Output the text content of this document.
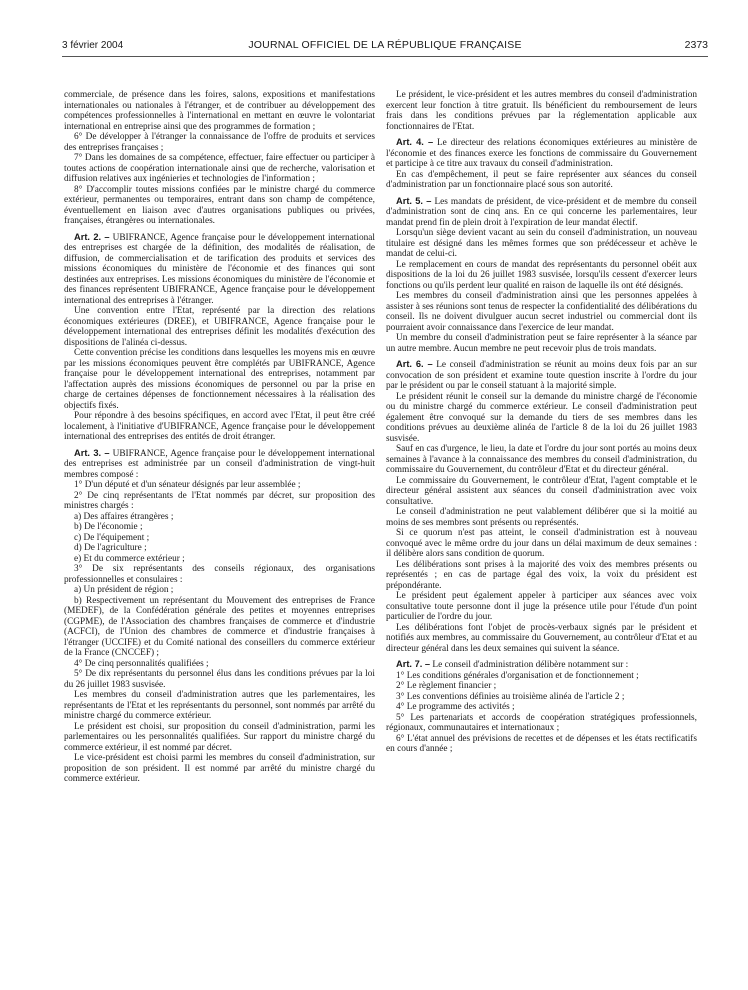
3 février 2004	JOURNAL OFFICIEL DE LA RÉPUBLIQUE FRANÇAISE	2373

commerciale, de présence dans les foires, salons, expositions et manifestations internationales ou nationales à l'étranger, et de contribuer au développement des compétences professionnelles à l'international en mettant en œuvre le volontariat international en entreprise ainsi que des programmes de formation ;

6° De développer à l'étranger la connaissance de l'offre de produits et services des entreprises françaises ;

7° Dans les domaines de sa compétence, effectuer, faire effectuer ou participer à toutes actions de coopération internationale ainsi que de recherche, valorisation et diffusion relatives aux ingénieries et technologies de l'information ;

8° D'accomplir toutes missions confiées par le ministre chargé du commerce extérieur, permanentes ou temporaires, entrant dans son champ de compétence, éventuellement en liaison avec d'autres organisations publiques ou privées, françaises, étrangères ou internationales.

Art. 2. – UBIFRANCE, Agence française pour le développement international des entreprises est chargée de la définition, des modalités de réalisation, de diffusion, de commercialisation et de tarification des produits et services des missions économiques du ministère de l'économie et des finances qui sont destinées aux entreprises. Les missions économiques du ministère de l'économie et des finances représentent UBIFRANCE, Agence française pour le développement international des entreprises à l'étranger.

Une convention entre l'Etat, représenté par la direction des relations économiques extérieures (DREE), et UBIFRANCE, Agence française pour le développement international des entreprises définit les modalités d'exécution des dispositions de l'alinéa ci-dessus.

Cette convention précise les conditions dans lesquelles les moyens mis en œuvre par les missions économiques peuvent être complétés par UBIFRANCE, Agence française pour le développement international des entreprises, notamment par l'affectation auprès des missions économiques de personnel ou par la prise en charge de certaines dépenses de fonctionnement nécessaires à la réalisation des objectifs fixés.

Pour répondre à des besoins spécifiques, en accord avec l'Etat, il peut être créé localement, à l'initiative d'UBIFRANCE, Agence française pour le développement international des entreprises des entités de droit étranger.

Art. 3. – UBIFRANCE, Agence française pour le développement international des entreprises est administrée par un conseil d'administration de vingt-huit membres composé :

1° D'un député et d'un sénateur désignés par leur assemblée ;

2° De cinq représentants de l'Etat nommés par décret, sur proposition des ministres chargés :

a) Des affaires étrangères ;

b) De l'économie ;

c) De l'équipement ;

d) De l'agriculture ;

e) Et du commerce extérieur ;

3° De six représentants des conseils régionaux, des organisations professionnelles et consulaires :

a) Un président de région ;

b) Respectivement un représentant du Mouvement des entreprises de France (MEDEF), de la Confédération générale des petites et moyennes entreprises (CGPME), de l'Association des chambres françaises de commerce et d'industrie (ACFCI), de l'Union des chambres de commerce et d'industrie françaises à l'étranger (UCCIFE) et du Comité national des conseillers du commerce extérieur de la France (CNCCEF) ;

4° De cinq personnalités qualifiées ;

5° De dix représentants du personnel élus dans les conditions prévues par la loi du 26 juillet 1983 susvisée.

Les membres du conseil d'administration autres que les parlementaires, les représentants de l'Etat et les représentants du personnel, sont nommés par arrêté du ministre chargé du commerce extérieur.

Le président est choisi, sur proposition du conseil d'administration, parmi les parlementaires ou les personnalités qualifiées. Sur rapport du ministre chargé du commerce extérieur, il est nommé par décret.

Le vice-président est choisi parmi les membres du conseil d'administration, sur proposition de son président. Il est nommé par arrêté du ministre chargé du commerce extérieur.

Le président, le vice-président et les autres membres du conseil d'administration exercent leur fonction à titre gratuit. Ils bénéficient du remboursement de leurs frais dans les conditions prévues par la réglementation applicable aux fonctionnaires de l'Etat.

Art. 4. – Le directeur des relations économiques extérieures au ministère de l'économie et des finances exerce les fonctions de commissaire du Gouvernement et participe à ce titre aux travaux du conseil d'administration.

En cas d'empêchement, il peut se faire représenter aux séances du conseil d'administration par un fonctionnaire placé sous son autorité.

Art. 5. – Les mandats de président, de vice-président et de membre du conseil d'administration sont de cinq ans. En ce qui concerne les parlementaires, leur mandat prend fin de plein droit à l'expiration de leur mandat électif.

Lorsqu'un siège devient vacant au sein du conseil d'administration, un nouveau titulaire est désigné dans les mêmes formes que son prédécesseur et achève le mandat de celui-ci.

Le remplacement en cours de mandat des représentants du personnel obéit aux dispositions de la loi du 26 juillet 1983 susvisée, lorsqu'ils cessent d'exercer leurs fonctions ou qu'ils perdent leur qualité en raison de laquelle ils ont été désignés.

Les membres du conseil d'administration ainsi que les personnes appelées à assister à ses réunions sont tenus de respecter la confidentialité des délibérations du conseil. Ils ne doivent divulguer aucun secret industriel ou commercial dont ils pourraient avoir connaissance dans l'exercice de leur mandat.

Un membre du conseil d'administration peut se faire représenter à la séance par un autre membre. Aucun membre ne peut recevoir plus de trois mandats.

Art. 6. – Le conseil d'administration se réunit au moins deux fois par an sur convocation de son président et examine toute question inscrite à l'ordre du jour par le président ou par le conseil statuant à la majorité simple.

Le président réunit le conseil sur la demande du ministre chargé de l'économie ou du ministre chargé du commerce extérieur. Le conseil d'administration peut également être convoqué sur la demande du tiers de ses membres dans les conditions prévues au deuxième alinéa de l'article 8 de la loi du 26 juillet 1983 susvisée.

Sauf en cas d'urgence, le lieu, la date et l'ordre du jour sont portés au moins deux semaines à l'avance à la connaissance des membres du conseil d'administration, du commissaire du Gouvernement, du contrôleur d'Etat et du directeur général.

Le commissaire du Gouvernement, le contrôleur d'Etat, l'agent comptable et le directeur général assistent aux séances du conseil d'administration avec voix consultative.

Le conseil d'administration ne peut valablement délibérer que si la moitié au moins de ses membres sont présents ou représentés.

Si ce quorum n'est pas atteint, le conseil d'administration est à nouveau convoqué avec le même ordre du jour dans un délai maximum de deux semaines : il délibère alors sans condition de quorum.

Les délibérations sont prises à la majorité des voix des membres présents ou représentés ; en cas de partage égal des voix, la voix du président est prépondérante.

Le président peut également appeler à participer aux séances avec voix consultative toute personne dont il juge la présence utile pour l'étude d'un point particulier de l'ordre du jour.

Les délibérations font l'objet de procès-verbaux signés par le président et notifiés aux membres, au commissaire du Gouvernement, au contrôleur d'Etat et au directeur général dans les deux semaines qui suivent la séance.

Art. 7. – Le conseil d'administration délibère notamment sur :

1° Les conditions générales d'organisation et de fonctionnement ;

2° Le règlement financier ;

3° Les conventions définies au troisième alinéa de l'article 2 ;

4° Le programme des activités ;

5° Les partenariats et accords de coopération stratégiques professionnels, régionaux, communautaires et internationaux ;

6° L'état annuel des prévisions de recettes et de dépenses et les états rectificatifs en cours d'année ;
